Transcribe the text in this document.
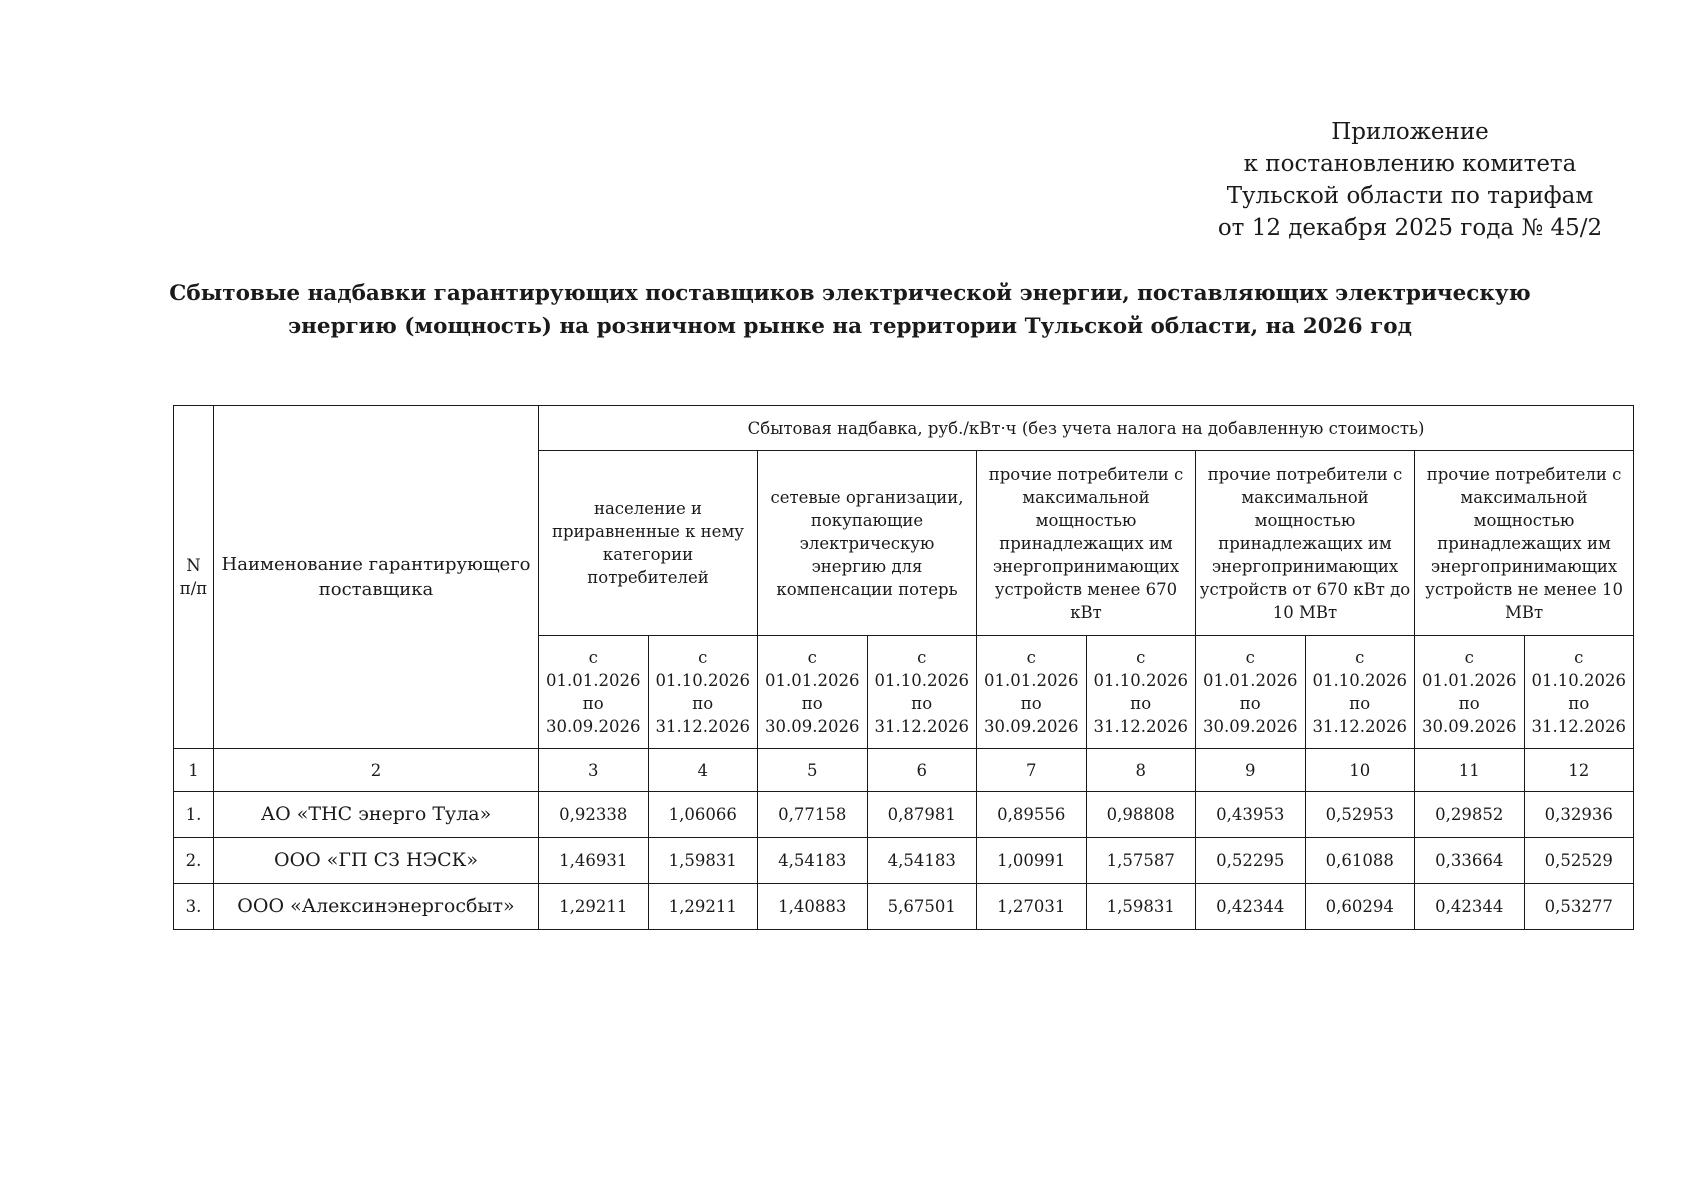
Приложение
к постановлению комитета
Тульской области по тарифам
от 12 декабря 2025 года № 45/2
Сбытовые надбавки гарантирующих поставщиков электрической энергии, поставляющих электрическую
энергию (мощность) на розничном рынке на территории Тульской области, на 2026 год
N п/п	Наименование гарантирующего поставщика	Сбытовая надбавка, руб./кВт·ч (без учета налога на добавленную стоимость)									
		население и приравненные к нему категории потребителей		сетевые организации, покупающие электрическую энергию для компенсации потерь		прочие потребители с максимальной мощностью принадлежащих им энергопринимающих устройств менее 670 кВт		прочие потребители с максимальной мощностью принадлежащих им энергопринимающих устройств от 670 кВт до 10 МВт		прочие потребители с максимальной мощностью принадлежащих им энергопринимающих устройств не менее 10 МВт	
		с 01.01.2026 по 30.09.2026	с 01.10.2026 по 31.12.2026	с 01.01.2026 по 30.09.2026	с 01.10.2026 по 31.12.2026	с 01.01.2026 по 30.09.2026	с 01.10.2026 по 31.12.2026	с 01.01.2026 по 30.09.2026	с 01.10.2026 по 31.12.2026	с 01.01.2026 по 30.09.2026	с 01.10.2026 по 31.12.2026
1	2	3	4	5	6	7	8	9	10	11	12
1.	АО «ТНС энерго Тула»	0,92338	1,06066	0,77158	0,87981	0,89556	0,98808	0,43953	0,52953	0,29852	0,32936
2.	ООО «ГП СЗ НЭСК»	1,46931	1,59831	4,54183	4,54183	1,00991	1,57587	0,52295	0,61088	0,33664	0,52529
3.	ООО «Алексинэнергосбыт»	1,29211	1,29211	1,40883	5,67501	1,27031	1,59831	0,42344	0,60294	0,42344	0,53277
